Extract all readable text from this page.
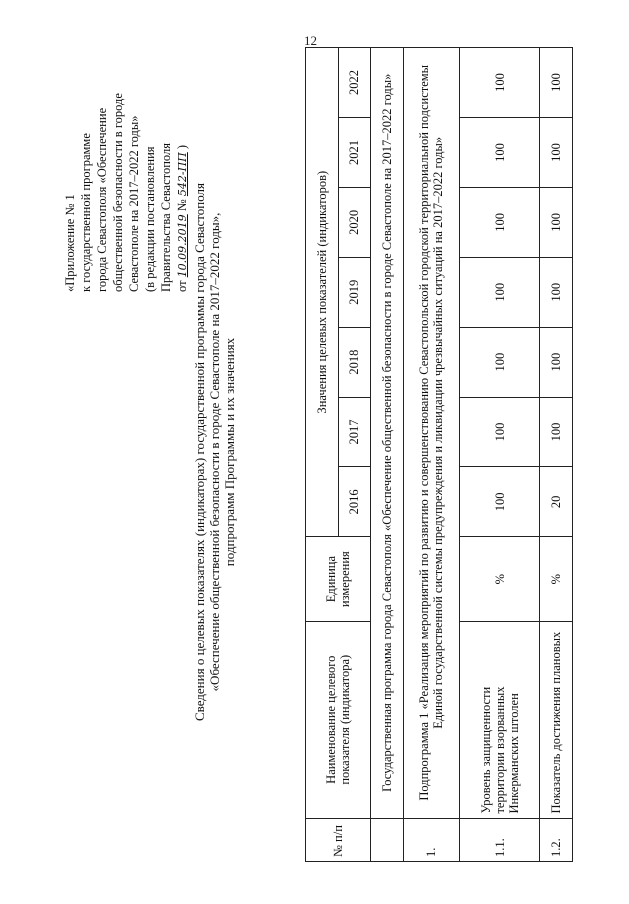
12
«Приложение № 1 к государственной программе города Севастополя «Обеспечение общественной безопасности в городе Севастополе на 2017–2022 годы» (в редакции постановления Правительства Севастополя от 10.09.2019 № 542-ПП )
Сведения о целевых показателях (индикаторах) государственной программы города Севастополя «Обеспечение общественной безопасности в городе Севастополе на 2017–2022 годы», подпрограмм Программы и их значениях
№ п/п	Наименование целевого показателя (индикатора)	Единица измерения	Значения целевых показателей (индикаторов)						
			2016	2017	2018	2019	2020	2021	2022
	Государственная программа города Севастополя «Обеспечение общественной безопасности в городе Севастополе на 2017–2022 годы»								
1.	Подпрограмма 1 «Реализация мероприятий по развитию и совершенствованию Севастопольской городской территориальной подсистемы Единой государственной системы предупреждения и ликвидации чрезвычайных ситуаций на 2017–2022 годы»								
1.1.	Уровень защищенности территории взорванных Инкерманских штолен	%	100	100	100	100	100	100	100
1.2.	Показатель достижения плановых	%	20	100	100	100	100	100	100
